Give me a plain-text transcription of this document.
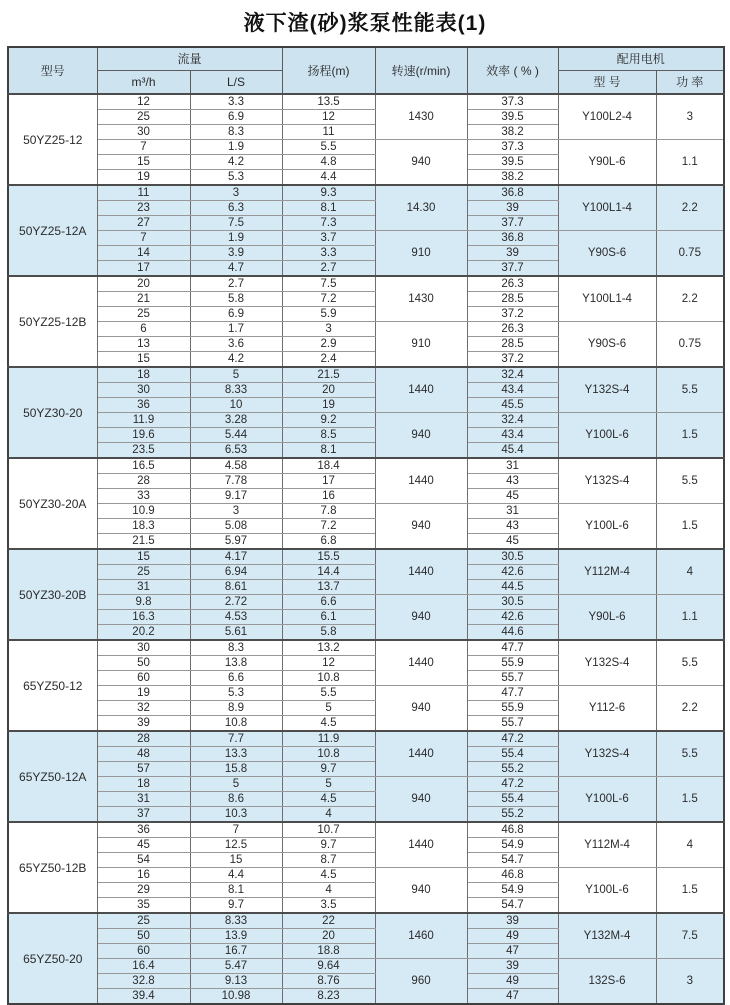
液下渣(砂)浆泵性能表(1)
型号	流量		扬程(m)	转速(r/min)	效率 ( % )	配用电机	
	m³/h	L/S				型 号	功 率
50YZ25-12	12	3.3	13.5	1430	37.3	Y100L2-4	3
	25	6.9	12		39.5		
	30	8.3	11		38.2		
	7	1.9	5.5	940	37.3	Y90L-6	1.1
	15	4.2	4.8		39.5		
	19	5.3	4.4		38.2		
50YZ25-12A	11	3	9.3	14.30	36.8	Y100L1-4	2.2
	23	6.3	8.1		39		
	27	7.5	7.3		37.7		
	7	1.9	3.7	910	36.8	Y90S-6	0.75
	14	3.9	3.3		39		
	17	4.7	2.7		37.7		
50YZ25-12B	20	2.7	7.5	1430	26.3	Y100L1-4	2.2
	21	5.8	7.2		28.5		
	25	6.9	5.9		37.2		
	6	1.7	3	910	26.3	Y90S-6	0.75
	13	3.6	2.9		28.5		
	15	4.2	2.4		37.2		
50YZ30-20	18	5	21.5	1440	32.4	Y132S-4	5.5
	30	8.33	20		43.4		
	36	10	19		45.5		
	11.9	3.28	9.2	940	32.4	Y100L-6	1.5
	19.6	5.44	8.5		43.4		
	23.5	6.53	8.1		45.4		
50YZ30-20A	16.5	4.58	18.4	1440	31	Y132S-4	5.5
	28	7.78	17		43		
	33	9.17	16		45		
	10.9	3	7.8	940	31	Y100L-6	1.5
	18.3	5.08	7.2		43		
	21.5	5.97	6.8		45		
50YZ30-20B	15	4.17	15.5	1440	30.5	Y112M-4	4
	25	6.94	14.4		42.6		
	31	8.61	13.7		44.5		
	9.8	2.72	6.6	940	30.5	Y90L-6	1.1
	16.3	4.53	6.1		42.6		
	20.2	5.61	5.8		44.6		
65YZ50-12	30	8.3	13.2	1440	47.7	Y132S-4	5.5
	50	13.8	12		55.9		
	60	6.6	10.8		55.7		
	19	5.3	5.5	940	47.7	Y112-6	2.2
	32	8.9	5		55.9		
	39	10.8	4.5		55.7		
65YZ50-12A	28	7.7	11.9	1440	47.2	Y132S-4	5.5
	48	13.3	10.8		55.4		
	57	15.8	9.7		55.2		
	18	5	5	940	47.2	Y100L-6	1.5
	31	8.6	4.5		55.4		
	37	10.3	4		55.2		
65YZ50-12B	36	7	10.7	1440	46.8	Y112M-4	4
	45	12.5	9.7		54.9		
	54	15	8.7		54.7		
	16	4.4	4.5	940	46.8	Y100L-6	1.5
	29	8.1	4		54.9		
	35	9.7	3.5		54.7		
65YZ50-20	25	8.33	22	1460	39	Y132M-4	7.5
	50	13.9	20		49		
	60	16.7	18.8		47		
	16.4	5.47	9.64	960	39	132S-6	3
	32.8	9.13	8.76		49		
	39.4	10.98	8.23		47		
